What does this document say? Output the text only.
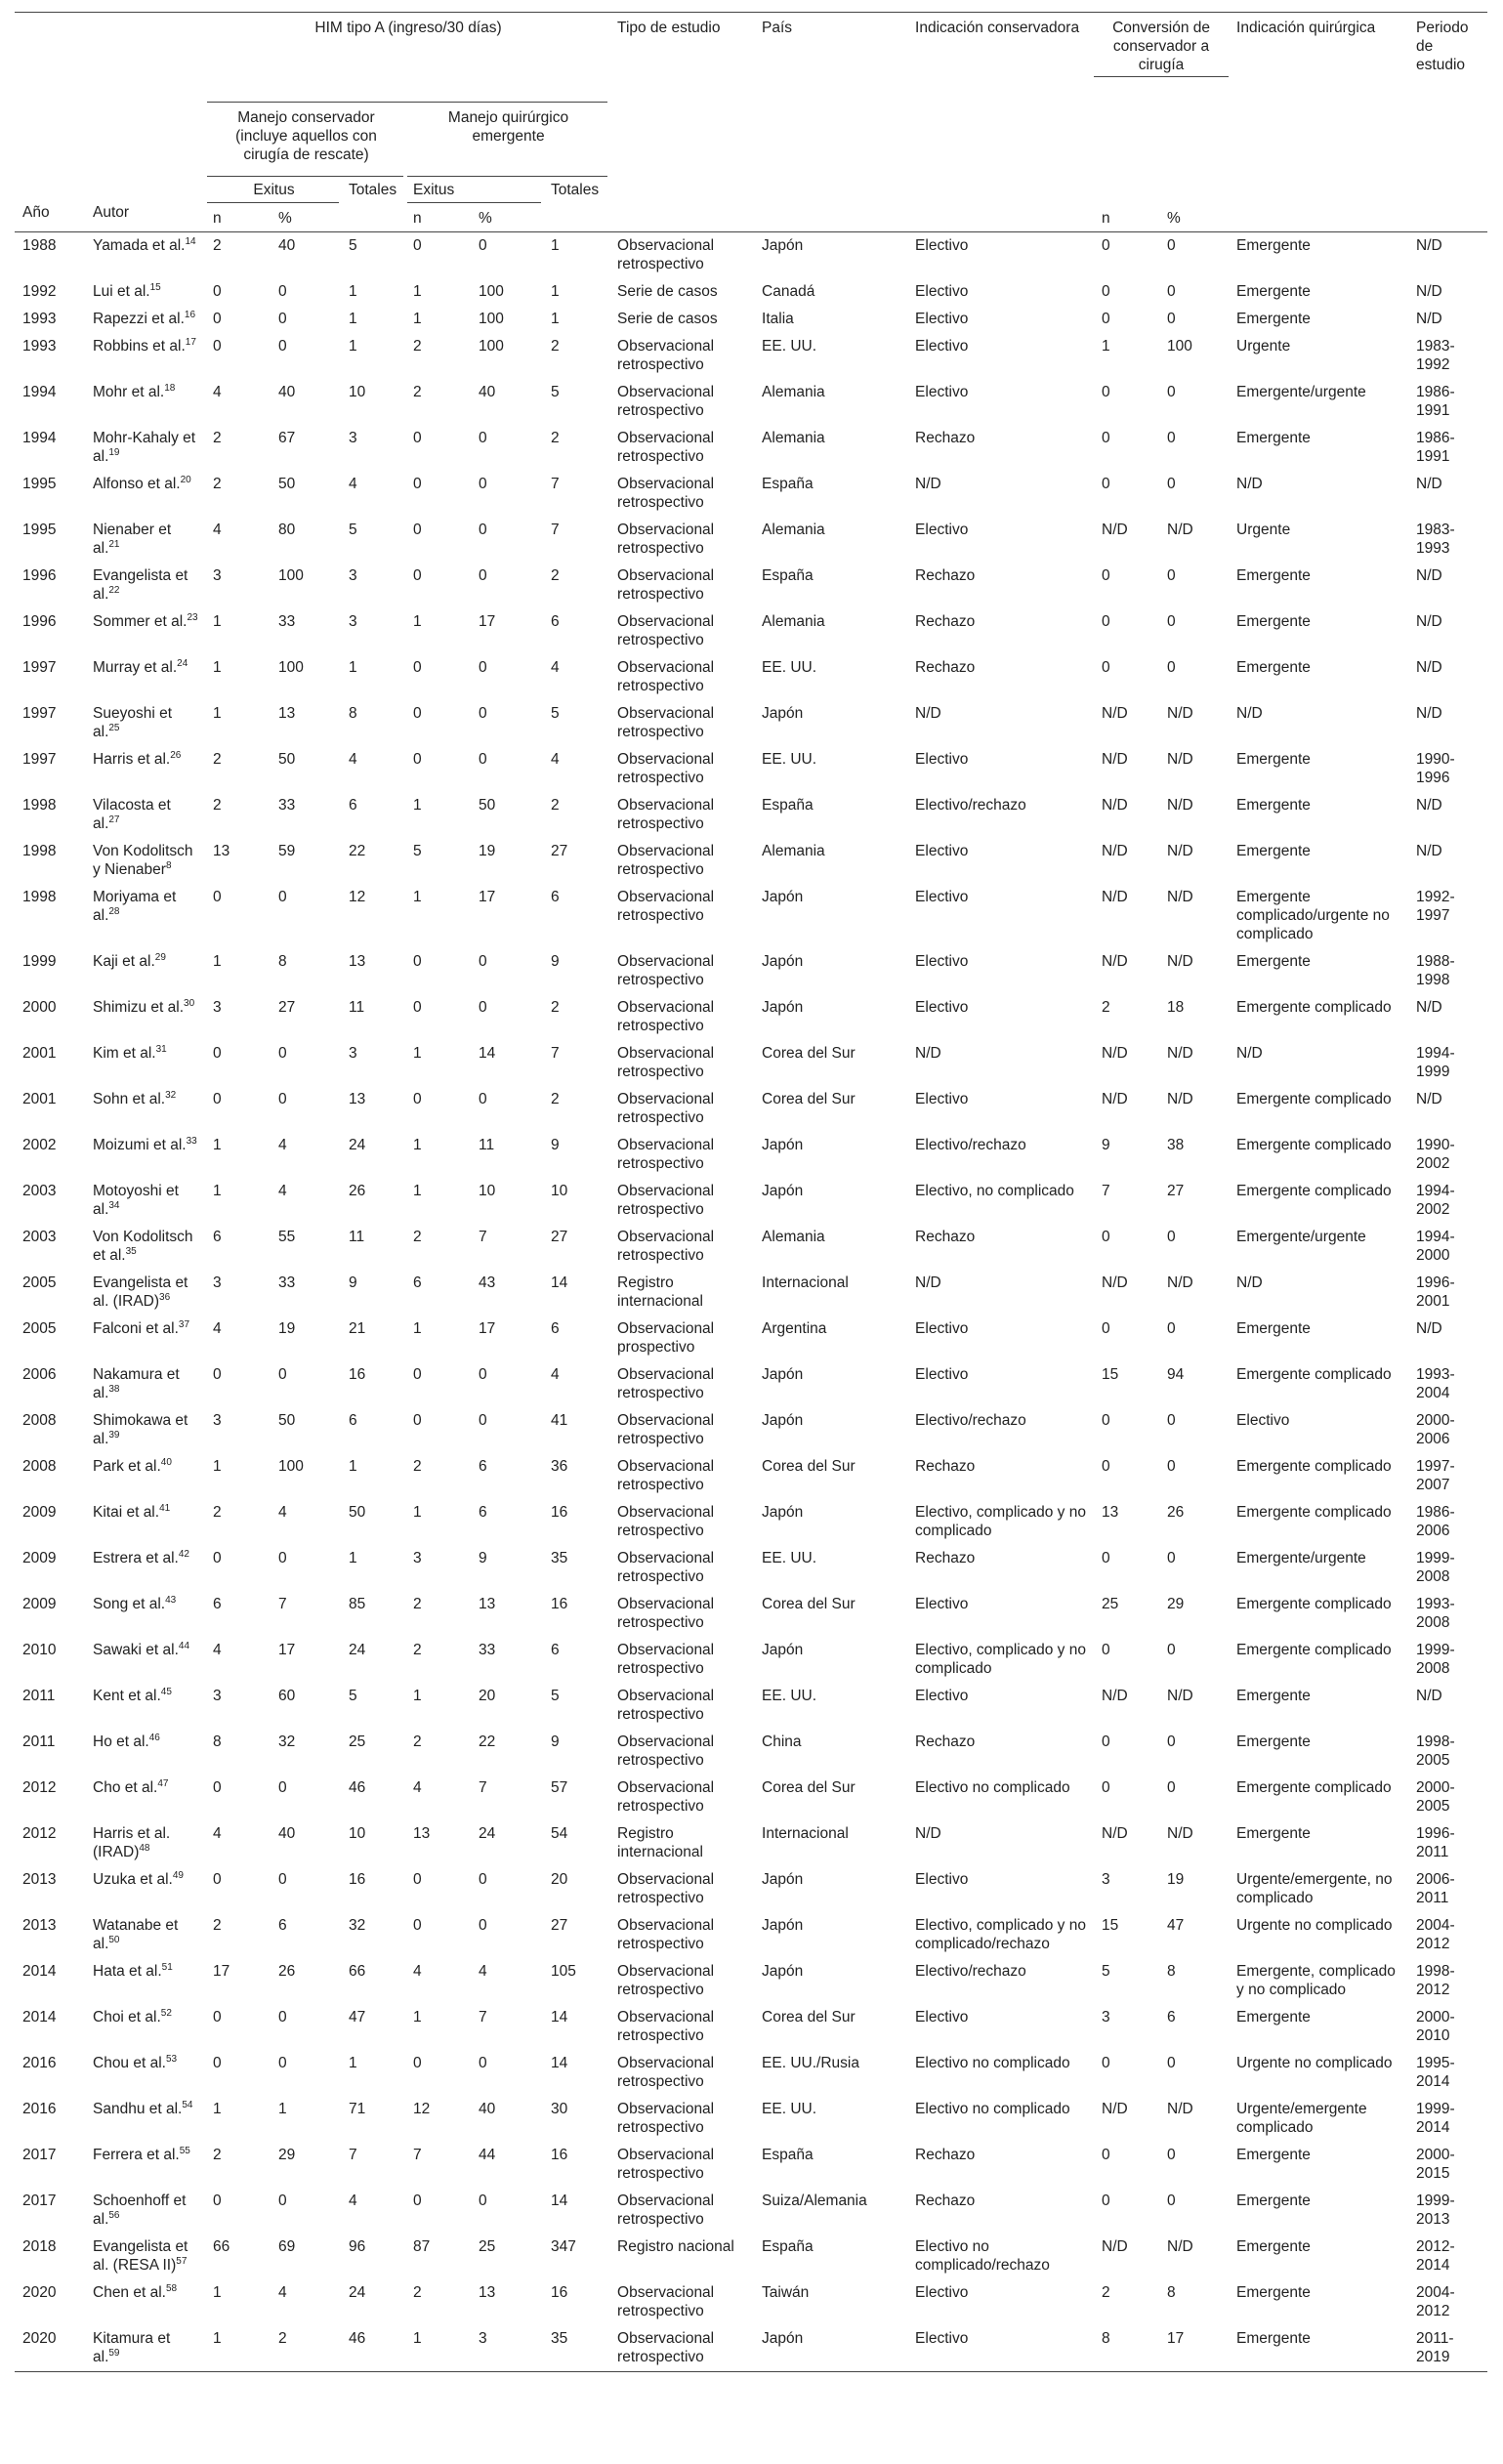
Año	Autor	HIM tipo A (ingreso/30 días)						Tipo de estudio	País	Indicación conservadora	Conversión de conservador a cirugía		Indicación quirúrgica	Periodo de estudio
		Manejo conservador (incluye aquellos con cirugía de rescate)			Manejo quirúrgico emergente									
		Exitus		Totales	Exitus		Totales							
		n	%		n	%					n	%		
1988	Yamada et al.$^{14}$	2	40	5	0	0	1	Observacional retrospectivo	Japón	Electivo	0	0	Emergente	N/D
1992	Lui et al.$^{15}$	0	0	1	1	100	1	Serie de casos	Canadá	Electivo	0	0	Emergente	N/D
1993	Rapezzi et al.$^{16}$	0	0	1	1	100	1	Serie de casos	Italia	Electivo	0	0	Emergente	N/D
1993	Robbins et al.$^{17}$	0	0	1	2	100	2	Observacional retrospectivo	EE. UU.	Electivo	1	100	Urgente	1983-1992
1994	Mohr et al.$^{18}$	4	40	10	2	40	5	Observacional retrospectivo	Alemania	Electivo	0	0	Emergente/urgente	1986-1991
1994	Mohr-Kahaly et al.$^{19}$	2	67	3	0	0	2	Observacional retrospectivo	Alemania	Rechazo	0	0	Emergente	1986-1991
1995	Alfonso et al.$^{20}$	2	50	4	0	0	7	Observacional retrospectivo	España	N/D	0	0	N/D	N/D
1995	Nienaber et al.$^{21}$	4	80	5	0	0	7	Observacional retrospectivo	Alemania	Electivo	N/D	N/D	Urgente	1983-1993
1996	Evangelista et al.$^{22}$	3	100	3	0	0	2	Observacional retrospectivo	España	Rechazo	0	0	Emergente	N/D
1996	Sommer et al.$^{23}$	1	33	3	1	17	6	Observacional retrospectivo	Alemania	Rechazo	0	0	Emergente	N/D
1997	Murray et al.$^{24}$	1	100	1	0	0	4	Observacional retrospectivo	EE. UU.	Rechazo	0	0	Emergente	N/D
1997	Sueyoshi et al.$^{25}$	1	13	8	0	0	5	Observacional retrospectivo	Japón	N/D	N/D	N/D	N/D	N/D
1997	Harris et al.$^{26}$	2	50	4	0	0	4	Observacional retrospectivo	EE. UU.	Electivo	N/D	N/D	Emergente	1990-1996
1998	Vilacosta et al.$^{27}$	2	33	6	1	50	2	Observacional retrospectivo	España	Electivo/rechazo	N/D	N/D	Emergente	N/D
1998	Von Kodolitsch y Nienaber$^8$	13	59	22	5	19	27	Observacional retrospectivo	Alemania	Electivo	N/D	N/D	Emergente	N/D
1998	Moriyama et al.$^{28}$	0	0	12	1	17	6	Observacional retrospectivo	Japón	Electivo	N/D	N/D	Emergente complicado/urgente no complicado	1992-1997
1999	Kaji et al.$^{29}$	1	8	13	0	0	9	Observacional retrospectivo	Japón	Electivo	N/D	N/D	Emergente	1988-1998
2000	Shimizu et al.$^{30}$	3	27	11	0	0	2	Observacional retrospectivo	Japón	Electivo	2	18	Emergente complicado	N/D
2001	Kim et al.$^{31}$	0	0	3	1	14	7	Observacional retrospectivo	Corea del Sur	N/D	N/D	N/D	N/D	1994-1999
2001	Sohn et al.$^{32}$	0	0	13	0	0	2	Observacional retrospectivo	Corea del Sur	Electivo	N/D	N/D	Emergente complicado	N/D
2002	Moizumi et al.$^{33}$	1	4	24	1	11	9	Observacional retrospectivo	Japón	Electivo/rechazo	9	38	Emergente complicado	1990-2002
2003	Motoyoshi et al.$^{34}$	1	4	26	1	10	10	Observacional retrospectivo	Japón	Electivo, no complicado	7	27	Emergente complicado	1994-2002
2003	Von Kodolitsch et al.$^{35}$	6	55	11	2	7	27	Observacional retrospectivo	Alemania	Rechazo	0	0	Emergente/urgente	1994-2000
2005	Evangelista et al. (IRAD)$^{36}$	3	33	9	6	43	14	Registro internacional	Internacional	N/D	N/D	N/D	N/D	1996-2001
2005	Falconi et al.$^{37}$	4	19	21	1	17	6	Observacional prospectivo	Argentina	Electivo	0	0	Emergente	N/D
2006	Nakamura et al.$^{38}$	0	0	16	0	0	4	Observacional retrospectivo	Japón	Electivo	15	94	Emergente complicado	1993-2004
2008	Shimokawa et al.$^{39}$	3	50	6	0	0	41	Observacional retrospectivo	Japón	Electivo/rechazo	0	0	Electivo	2000-2006
2008	Park et al.$^{40}$	1	100	1	2	6	36	Observacional retrospectivo	Corea del Sur	Rechazo	0	0	Emergente complicado	1997-2007
2009	Kitai et al.$^{41}$	2	4	50	1	6	16	Observacional retrospectivo	Japón	Electivo, complicado y no complicado	13	26	Emergente complicado	1986-2006
2009	Estrera et al.$^{42}$	0	0	1	3	9	35	Observacional retrospectivo	EE. UU.	Rechazo	0	0	Emergente/urgente	1999-2008
2009	Song et al.$^{43}$	6	7	85	2	13	16	Observacional retrospectivo	Corea del Sur	Electivo	25	29	Emergente complicado	1993-2008
2010	Sawaki et al.$^{44}$	4	17	24	2	33	6	Observacional retrospectivo	Japón	Electivo, complicado y no complicado	0	0	Emergente complicado	1999-2008
2011	Kent et al.$^{45}$	3	60	5	1	20	5	Observacional retrospectivo	EE. UU.	Electivo	N/D	N/D	Emergente	N/D
2011	Ho et al.$^{46}$	8	32	25	2	22	9	Observacional retrospectivo	China	Rechazo	0	0	Emergente	1998-2005
2012	Cho et al.$^{47}$	0	0	46	4	7	57	Observacional retrospectivo	Corea del Sur	Electivo no complicado	0	0	Emergente complicado	2000-2005
2012	Harris et al. (IRAD)$^{48}$	4	40	10	13	24	54	Registro internacional	Internacional	N/D	N/D	N/D	Emergente	1996-2011
2013	Uzuka et al.$^{49}$	0	0	16	0	0	20	Observacional retrospectivo	Japón	Electivo	3	19	Urgente/emergente, no complicado	2006-2011
2013	Watanabe et al.$^{50}$	2	6	32	0	0	27	Observacional retrospectivo	Japón	Electivo, complicado y no complicado/rechazo	15	47	Urgente no complicado	2004-2012
2014	Hata et al.$^{51}$	17	26	66	4	4	105	Observacional retrospectivo	Japón	Electivo/rechazo	5	8	Emergente, complicado y no complicado	1998-2012
2014	Choi et al.$^{52}$	0	0	47	1	7	14	Observacional retrospectivo	Corea del Sur	Electivo	3	6	Emergente	2000-2010
2016	Chou et al.$^{53}$	0	0	1	0	0	14	Observacional retrospectivo	EE. UU./Rusia	Electivo no complicado	0	0	Urgente no complicado	1995-2014
2016	Sandhu et al.$^{54}$	1	1	71	12	40	30	Observacional retrospectivo	EE. UU.	Electivo no complicado	N/D	N/D	Urgente/emergente complicado	1999-2014
2017	Ferrera et al.$^{55}$	2	29	7	7	44	16	Observacional retrospectivo	España	Rechazo	0	0	Emergente	2000-2015
2017	Schoenhoff et al.$^{56}$	0	0	4	0	0	14	Observacional retrospectivo	Suiza/Alemania	Rechazo	0	0	Emergente	1999-2013
2018	Evangelista et al. (RESA II)$^{57}$	66	69	96	87	25	347	Registro nacional	España	Electivo no complicado/rechazo	N/D	N/D	Emergente	2012-2014
2020	Chen et al.$^{58}$	1	4	24	2	13	16	Observacional retrospectivo	Taiwán	Electivo	2	8	Emergente	2004-2012
2020	Kitamura et al.$^{59}$	1	2	46	1	3	35	Observacional retrospectivo	Japón	Electivo	8	17	Emergente	2011-2019
